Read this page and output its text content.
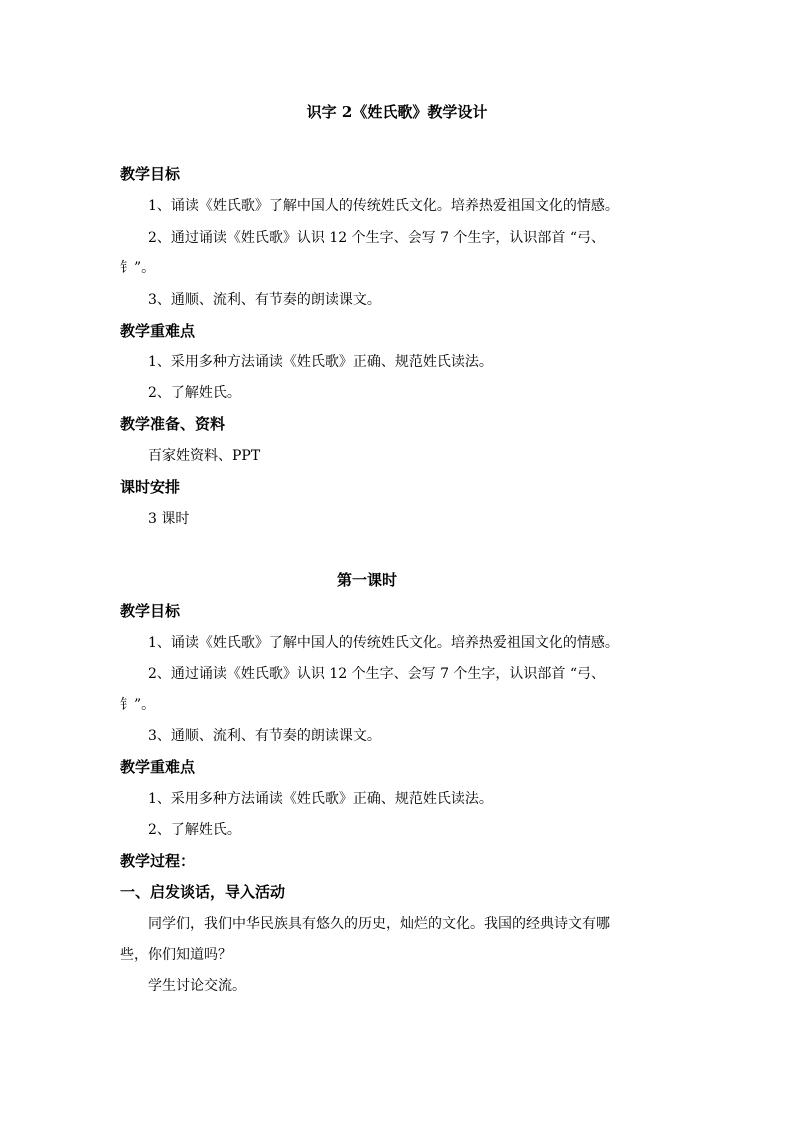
识字 2《姓氏歌》教学设计
教学目标
1、诵读《姓氏歌》了解中国人的传统姓氏文化。培养热爱祖国文化的情感。
2、通过诵读《姓氏歌》认识 12 个生字、会写 7 个生字，认识部首 “弓、
钅”。
3、通顺、流利、有节奏的朗读课文。
教学重难点
1、采用多种方法诵读《姓氏歌》正确、规范姓氏读法。
2、了解姓氏。
教学准备、资料
百家姓资料、PPT
课时安排
3 课时
第一课时
教学目标
1、诵读《姓氏歌》了解中国人的传统姓氏文化。培养热爱祖国文化的情感。
2、通过诵读《姓氏歌》认识 12 个生字、会写 7 个生字，认识部首 “弓、
钅”。
3、通顺、流利、有节奏的朗读课文。
教学重难点
1、采用多种方法诵读《姓氏歌》正确、规范姓氏读法。
2、了解姓氏。
教学过程：
一、启发谈话，导入活动
同学们，我们中华民族具有悠久的历史，灿烂的文化。我国的经典诗文有哪
些，你们知道吗？
学生讨论交流。
